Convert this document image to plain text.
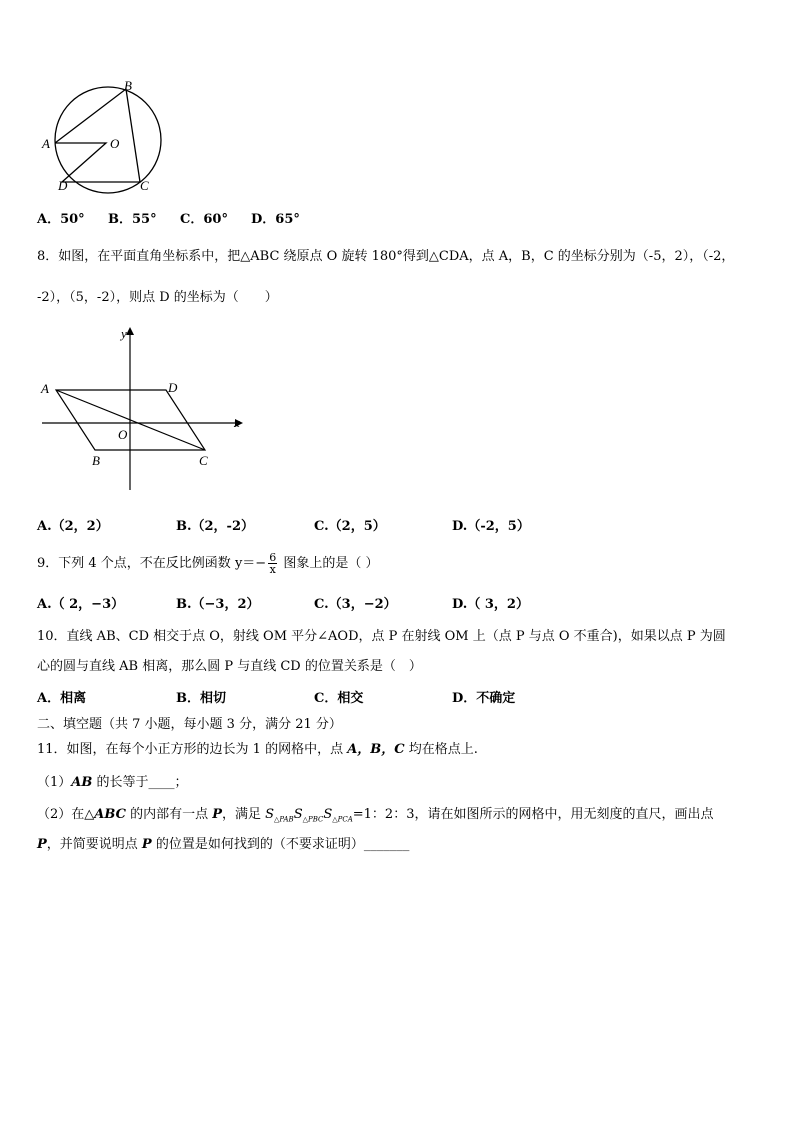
A
B
O
D	C
A．50° B．55° C．60° D．65°
8．如图，在平面直角坐标系中，把△ABC 绕原点 O 旋转 180°得到△CDA，点 A，B，C 的坐标分别为（-5，2），（-2，
-2），（5，-2），则点 D 的坐标为（　　）
y
x
A	D
O
B	C
A.（2，2）	B.（2，-2）	C.（2，5）	D.（-2，5）
9．下列 4 个点，不在反比例函数 $y=- \frac{6}{x}$ 图象上的是（ ）
A.（ 2，−3）	B.（−3，2）	C.（3，−2）	D.（ 3，2）
10．直线 AB、CD 相交于点 O，射线 OM 平分∠AOD，点 P 在射线 OM 上（点 P 与点 O 不重合)，如果以点 P 为圆
心的圆与直线 AB 相离，那么圆 P 与直线 CD 的位置关系是（　）
A．相离	B．相切	C．相交	D．不确定
二、填空题（共 7 小题，每小题 3 分，满分 21 分）
11．如图，在每个小正方形的边长为 1 的网格中，点 A，B，C 均在格点上.
（1）AB 的长等于____；
（2）在△ABC 的内部有一点 P，满足 $S_{\triangle PAB}S_{\triangle PBC}S_{\triangle PCA}=1$：2：3，请在如图所示的网格中，用无刻度的直尺，画出点
P，并简要说明点 P 的位置是如何找到的（不要求证明）_______
